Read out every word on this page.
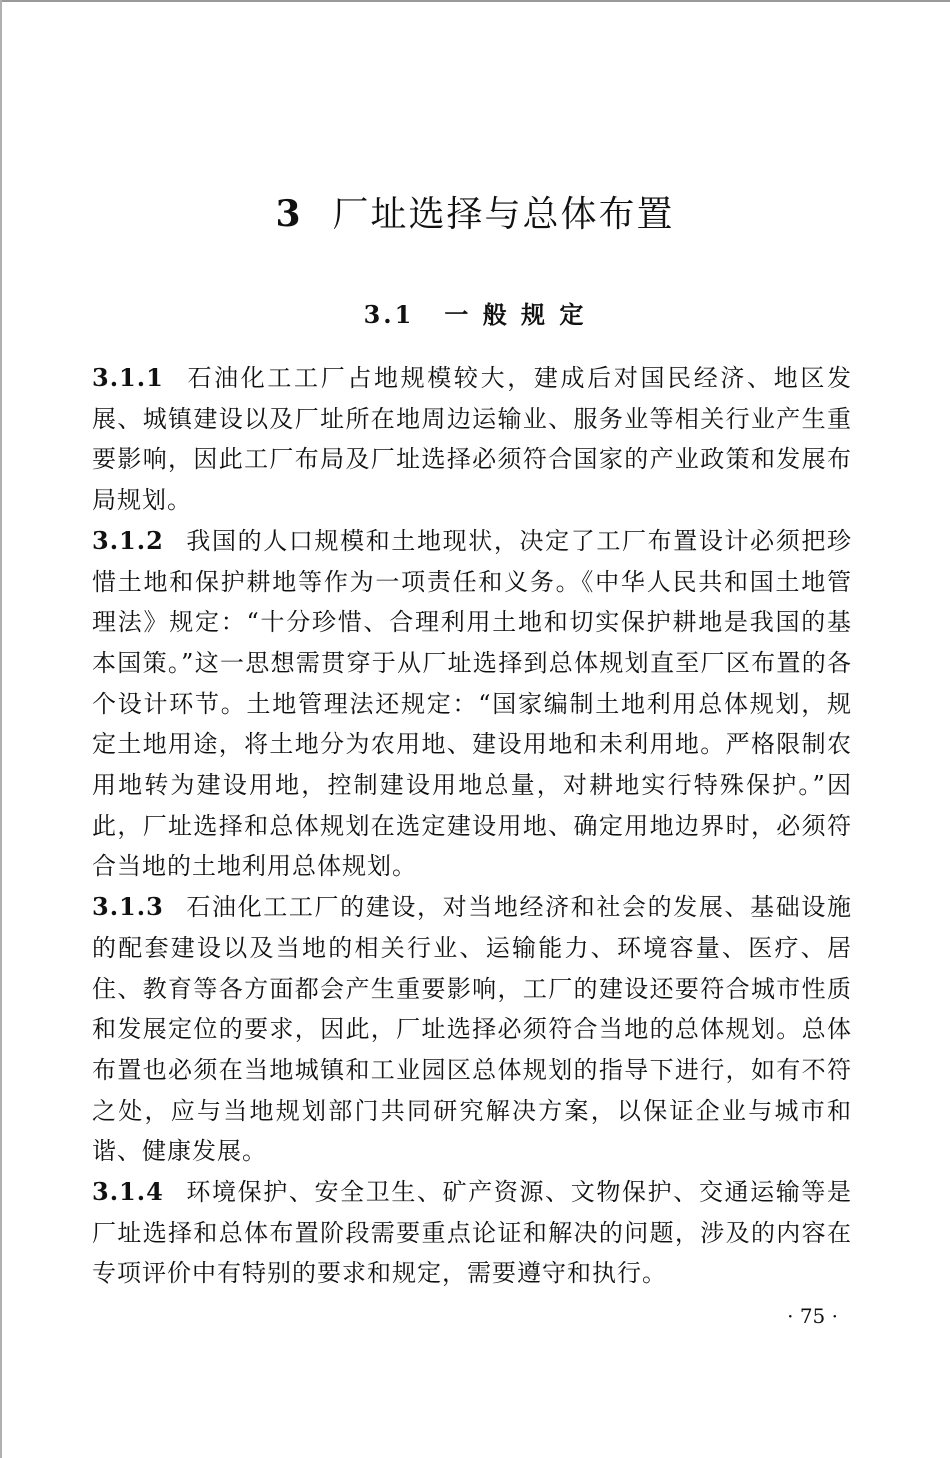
3 厂址选择与总体布置
3.1 一 般 规 定

3.1.1 石油化工工厂占地规模较大，建成后对国民经济、地区发展、城镇建设以及厂址所在地周边运输业、服务业等相关行业产生重要影响，因此工厂布局及厂址选择必须符合国家的产业政策和发展布局规划。

3.1.2 我国的人口规模和土地现状，决定了工厂布置设计必须把珍惜土地和保护耕地等作为一项责任和义务。《中华人民共和国土地管理法》规定：“十分珍惜、合理利用土地和切实保护耕地是我国的基本国策。”这一思想需贯穿于从厂址选择到总体规划直至厂区布置的各个设计环节。土地管理法还规定：“国家编制土地利用总体规划，规定土地用途，将土地分为农用地、建设用地和未利用地。严格限制农用地转为建设用地，控制建设用地总量，对耕地实行特殊保护。”因此，厂址选择和总体规划在选定建设用地、确定用地边界时，必须符合当地的土地利用总体规划。

3.1.3 石油化工工厂的建设，对当地经济和社会的发展、基础设施的配套建设以及当地的相关行业、运输能力、环境容量、医疗、居住、教育等各方面都会产生重要影响，工厂的建设还要符合城市性质和发展定位的要求，因此，厂址选择必须符合当地的总体规划。总体布置也必须在当地城镇和工业园区总体规划的指导下进行，如有不符之处，应与当地规划部门共同研究解决方案，以保证企业与城市和谐、健康发展。

3.1.4 环境保护、安全卫生、矿产资源、文物保护、交通运输等是厂址选择和总体布置阶段需要重点论证和解决的问题，涉及的内容在专项评价中有特别的要求和规定，需要遵守和执行。

· 75 ·
